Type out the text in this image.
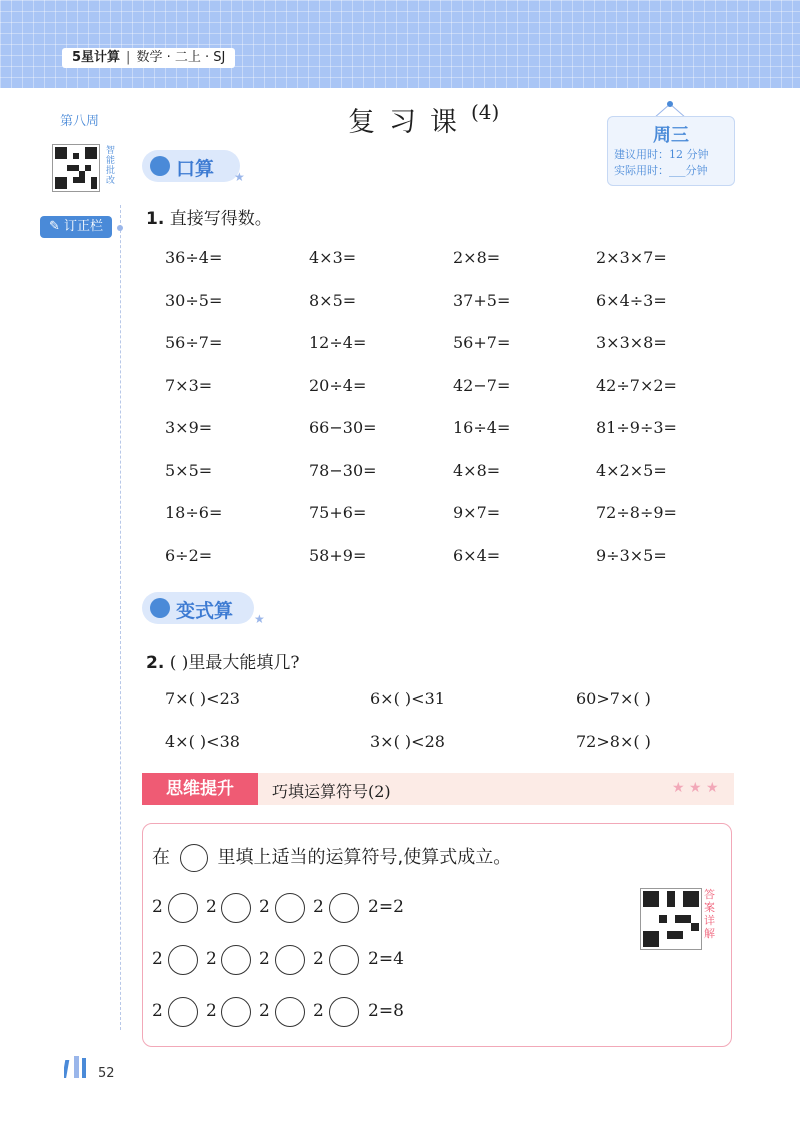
5星计算 | 数学 · 二上 · SJ
第八周
智能批改
✎ 订正栏
复习课 (4)
周三
建议用时：12 分钟
实际用时：___分钟
口算 ★
1. 直接写得数。
36÷4=	4×3=	2×8=	2×3×7=
30÷5=	8×5=	37+5=	6×4÷3=
56÷7=	12÷4=	56+7=	3×3×8=
7×3=	20÷4=	42−7=	42÷7×2=
3×9=	66−30=	16÷4=	81÷9÷3=
5×5=	78−30=	4×8=	4×2×5=
18÷6=	75+6=	9×7=	72÷8÷9=
6÷2=	58+9=	6×4=	9÷3×5=
变式算 ★
2. ( )里最大能填几?
7×( )<23	6×( )<31	60>7×( )
4×( )<38	3×( )<28	72>8×( )
思维提升	巧填运算符号(2)	★ ★ ★
在	里填上适当的运算符号,使算式成立。
2	2 2	2	2=2
2	2 2	2	2=4
2	2 2	2	2=8
答案详解
52
